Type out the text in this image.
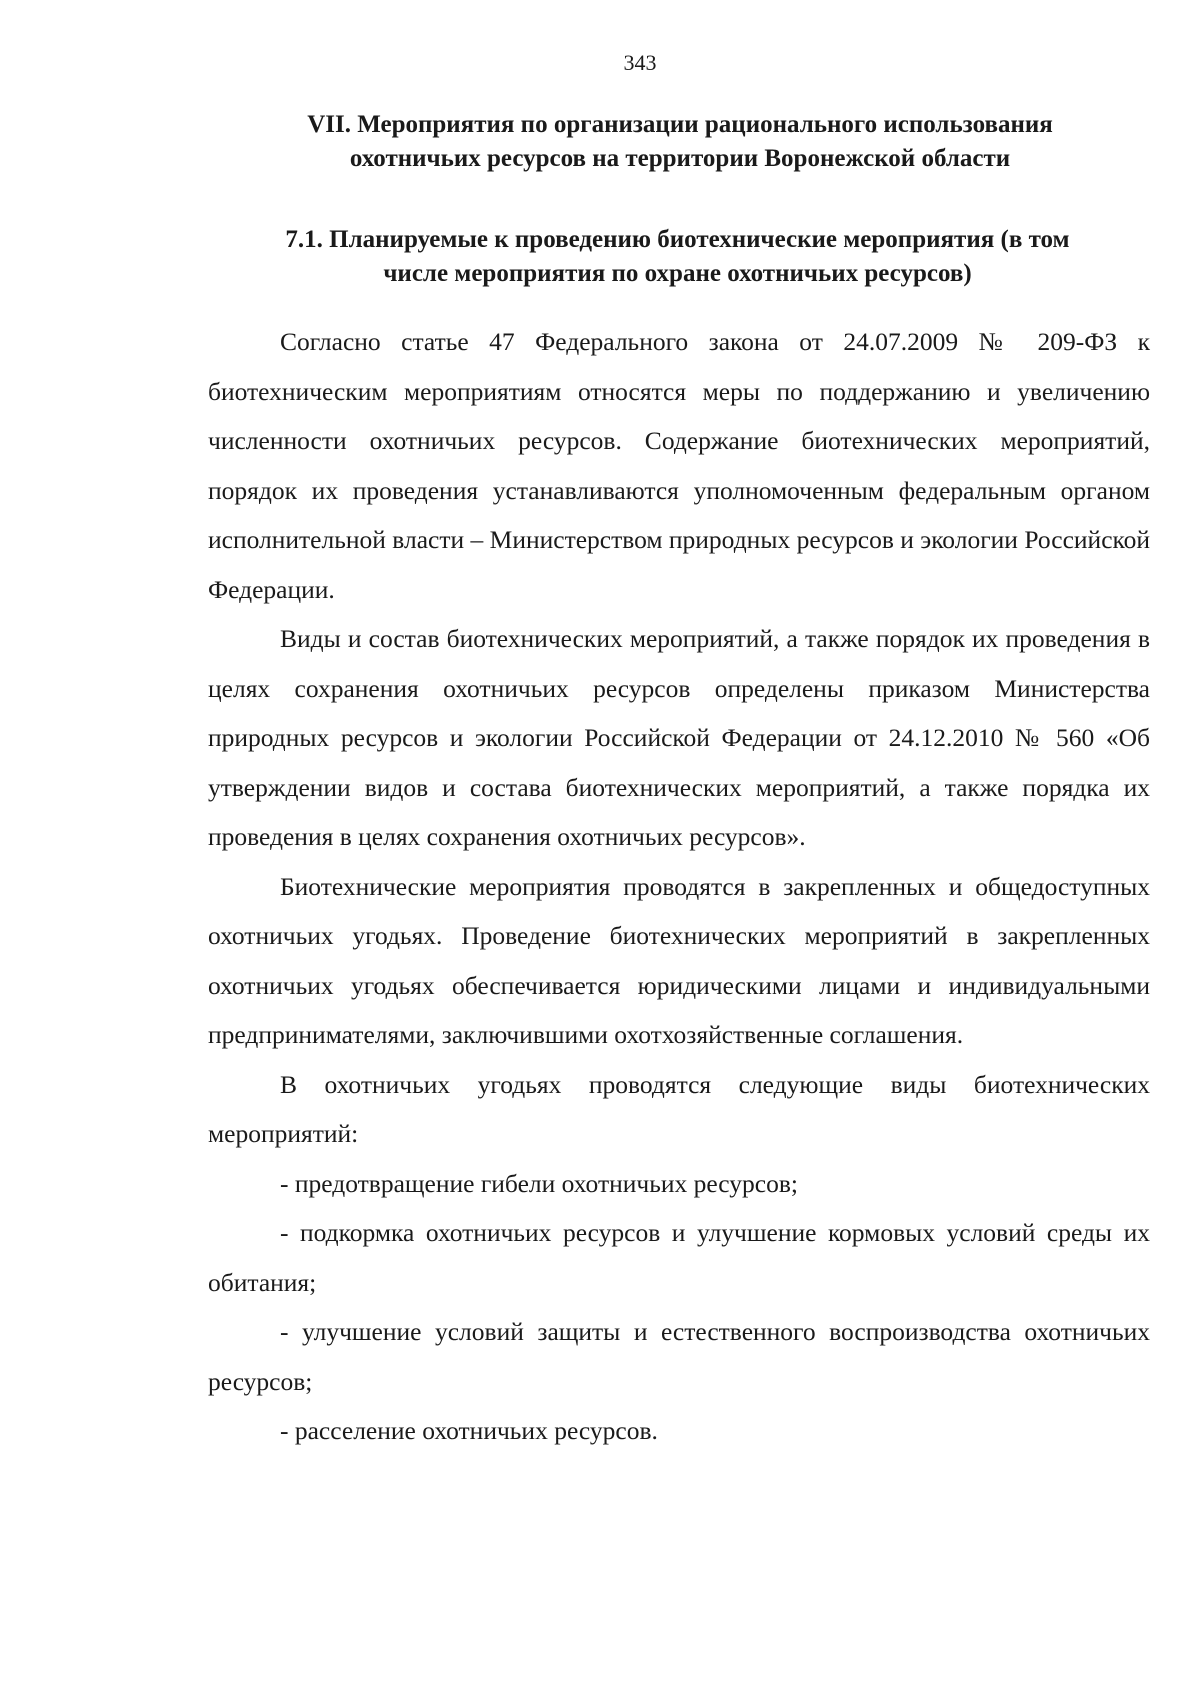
343
VII. Мероприятия по организации рационального использования
охотничьих ресурсов на территории Воронежской области
7.1. Планируемые к проведению биотехнические мероприятия (в том
числе мероприятия по охране охотничьих ресурсов)

Согласно статье 47 Федерального закона от 24.07.2009 № 209-ФЗ к биотехническим мероприятиям относятся меры по поддержанию и увеличению численности охотничьих ресурсов. Содержание биотехнических мероприятий, порядок их проведения устанавливаются уполномоченным федеральным органом исполнительной власти – Министерством природных ресурсов и экологии Российской Федерации.

Виды и состав биотехнических мероприятий, а также порядок их проведения в целях сохранения охотничьих ресурсов определены приказом Министерства природных ресурсов и экологии Российской Федерации от 24.12.2010 № 560 «Об утверждении видов и состава биотехнических мероприятий, а также порядка их проведения в целях сохранения охотничьих ресурсов».

Биотехнические мероприятия проводятся в закрепленных и общедоступных охотничьих угодьях. Проведение биотехнических мероприятий в закрепленных охотничьих угодьях обеспечивается юридическими лицами и индивидуальными предпринимателями, заключившими охотхозяйственные соглашения.

В охотничьих угодьях проводятся следующие виды биотехнических мероприятий:

- предотвращение гибели охотничьих ресурсов;

- подкормка охотничьих ресурсов и улучшение кормовых условий среды их обитания;

- улучшение условий защиты и естественного воспроизводства охотничьих ресурсов;

- расселение охотничьих ресурсов.
